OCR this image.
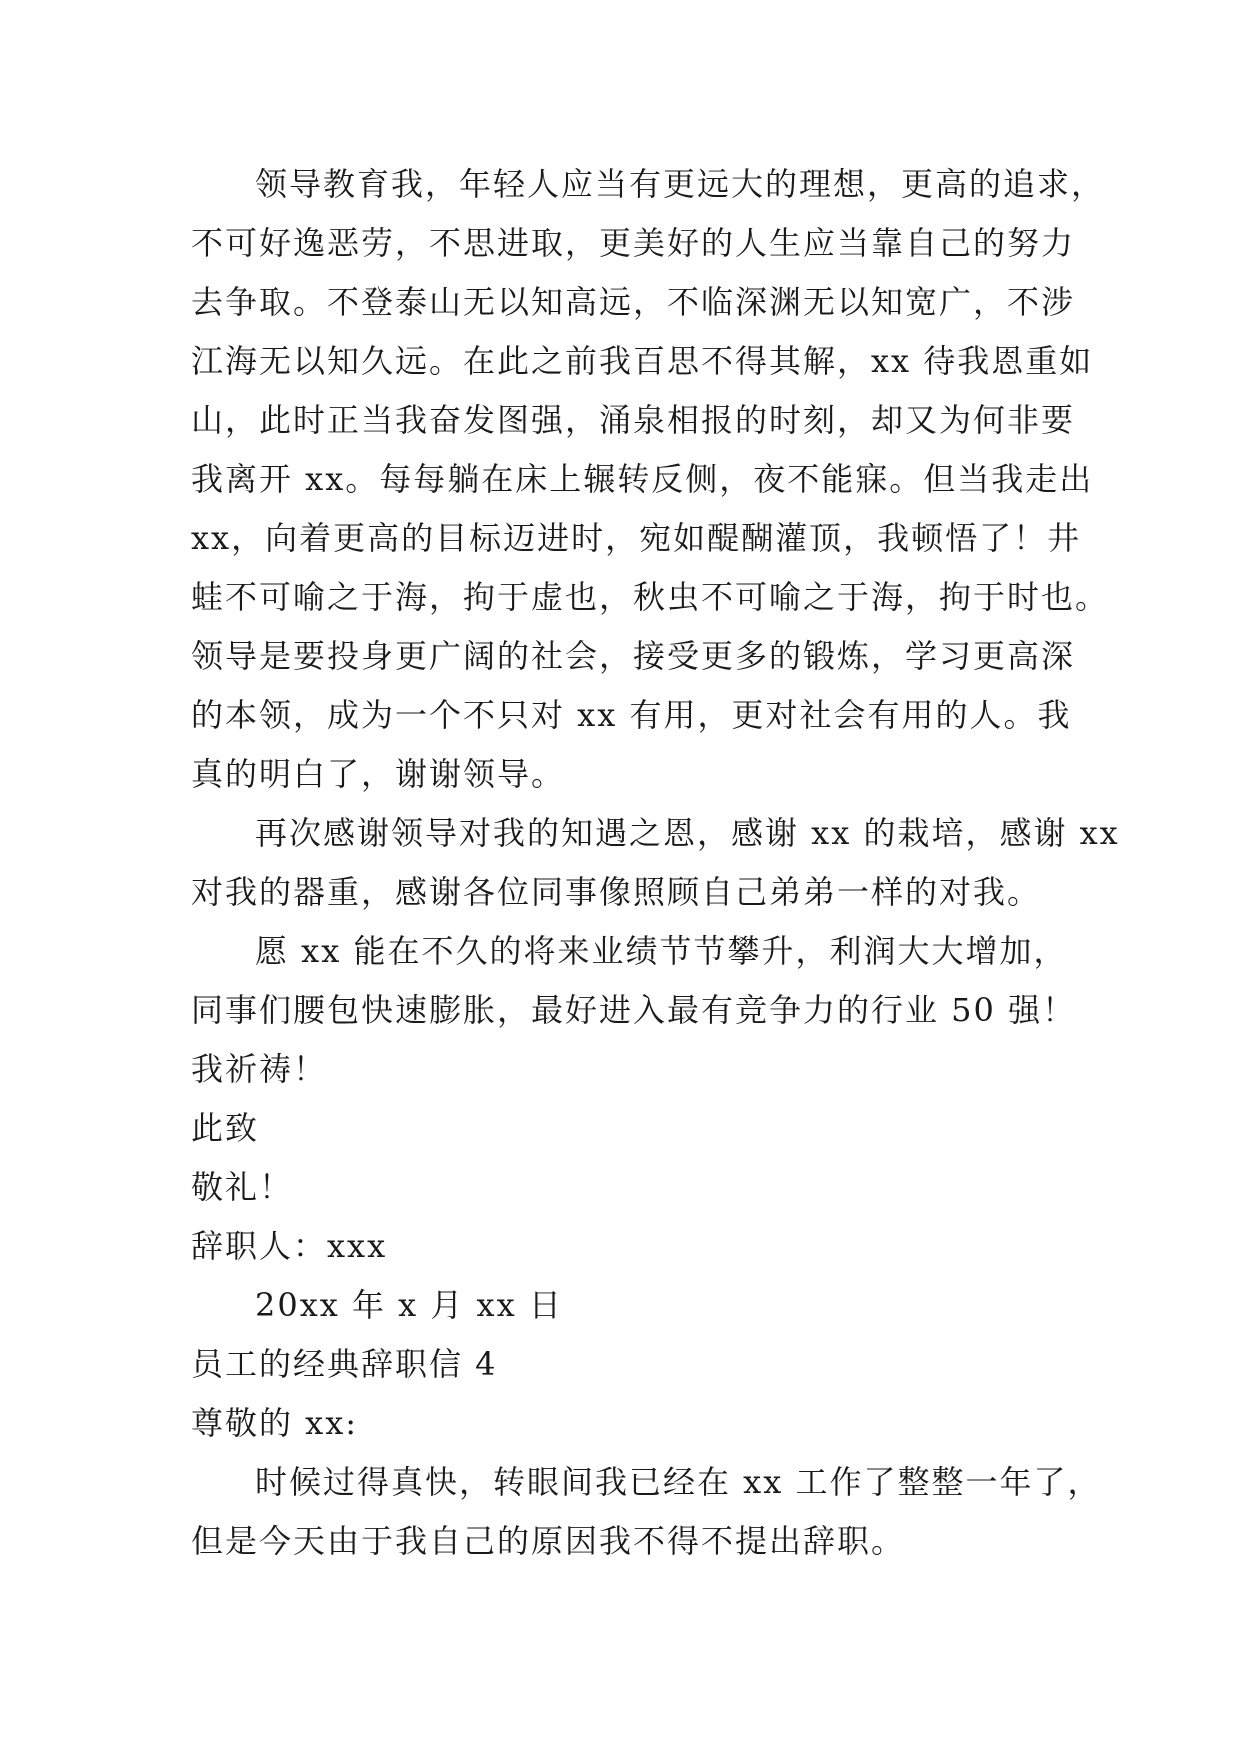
领导教育我，年轻人应当有更远大的理想，更高的追求，
不可好逸恶劳，不思进取，更美好的人生应当靠自己的努力
去争取。不登泰山无以知高远，不临深渊无以知宽广，不涉
江海无以知久远。在此之前我百思不得其解，xx 待我恩重如
山，此时正当我奋发图强，涌泉相报的时刻，却又为何非要
我离开 xx。每每躺在床上辗转反侧，夜不能寐。但当我走出
xx，向着更高的目标迈进时，宛如醍醐灌顶，我顿悟了！井
蛙不可喻之于海，拘于虚也，秋虫不可喻之于海，拘于时也。
领导是要投身更广阔的社会，接受更多的锻炼，学习更高深
的本领，成为一个不只对 xx 有用，更对社会有用的人。我
真的明白了，谢谢领导。
再次感谢领导对我的知遇之恩，感谢 xx 的栽培，感谢 xx
对我的器重，感谢各位同事像照顾自己弟弟一样的对我。
愿 xx 能在不久的将来业绩节节攀升，利润大大增加，
同事们腰包快速膨胀，最好进入最有竞争力的行业 50 强！
我祈祷！
此致
敬礼！
辞职人：xxx
20xx 年 x 月 xx 日
员工的经典辞职信 4
尊敬的 xx:
时候过得真快，转眼间我已经在 xx 工作了整整一年了，
但是今天由于我自己的原因我不得不提出辞职。
